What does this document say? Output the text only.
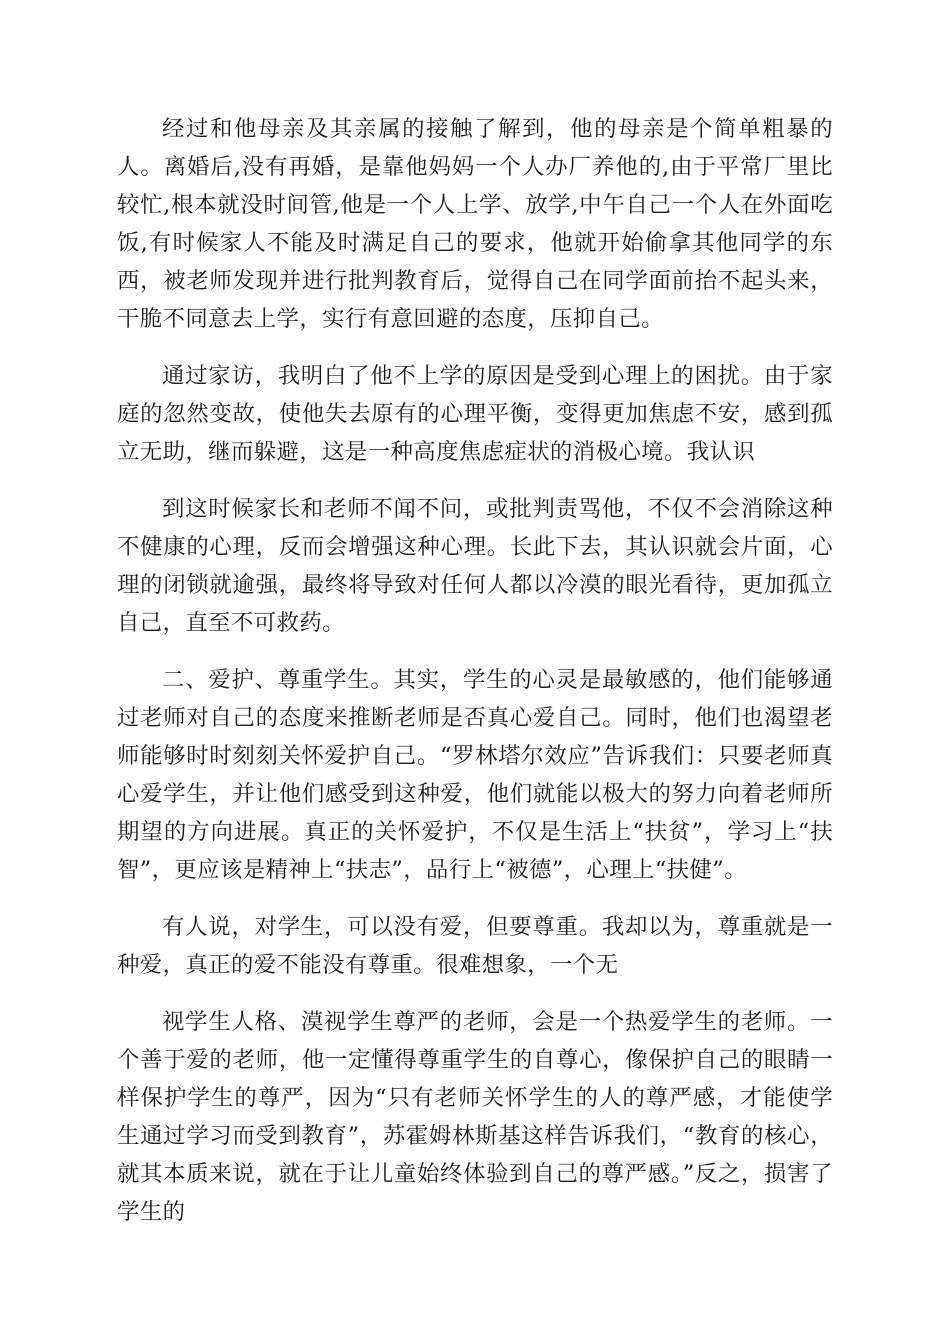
经过和他母亲及其亲属的接触了解到，他的母亲是个简单粗暴的人。离婚后,没有再婚，是靠他妈妈一个人办厂养他的,由于平常厂里比较忙,根本就没时间管,他是一个人上学、放学,中午自己一个人在外面吃饭,有时候家人不能及时满足自己的要求，他就开始偷拿其他同学的东西，被老师发现并进行批判教育后，觉得自己在同学面前抬不起头来，干脆不同意去上学，实行有意回避的态度，压抑自己。

通过家访，我明白了他不上学的原因是受到心理上的困扰。由于家庭的忽然变故，使他失去原有的心理平衡，变得更加焦虑不安，感到孤立无助，继而躲避，这是一种高度焦虑症状的消极心境。我认识

到这时候家长和老师不闻不问，或批判责骂他，不仅不会消除这种不健康的心理，反而会增强这种心理。长此下去，其认识就会片面，心理的闭锁就逾强，最终将导致对任何人都以冷漠的眼光看待，更加孤立自己，直至不可救药。

二、爱护、尊重学生。其实，学生的心灵是最敏感的，他们能够通过老师对自己的态度来推断老师是否真心爱自己。同时，他们也渴望老师能够时时刻刻关怀爱护自己。“罗林塔尔效应”告诉我们：只要老师真心爱学生，并让他们感受到这种爱，他们就能以极大的努力向着老师所期望的方向进展。真正的关怀爱护，不仅是生活上“扶贫”，学习上“扶智”，更应该是精神上“扶志”，品行上“被德”，心理上“扶健”。

有人说，对学生，可以没有爱，但要尊重。我却以为，尊重就是一种爱，真正的爱不能没有尊重。很难想象，一个无

视学生人格、漠视学生尊严的老师，会是一个热爱学生的老师。一个善于爱的老师，他一定懂得尊重学生的自尊心，像保护自己的眼睛一样保护学生的尊严，因为“只有老师关怀学生的人的尊严感，才能使学生通过学习而受到教育”，苏霍姆林斯基这样告诉我们，“教育的核心，就其本质来说，就在于让儿童始终体验到自己的尊严感。”反之，损害了学生的
